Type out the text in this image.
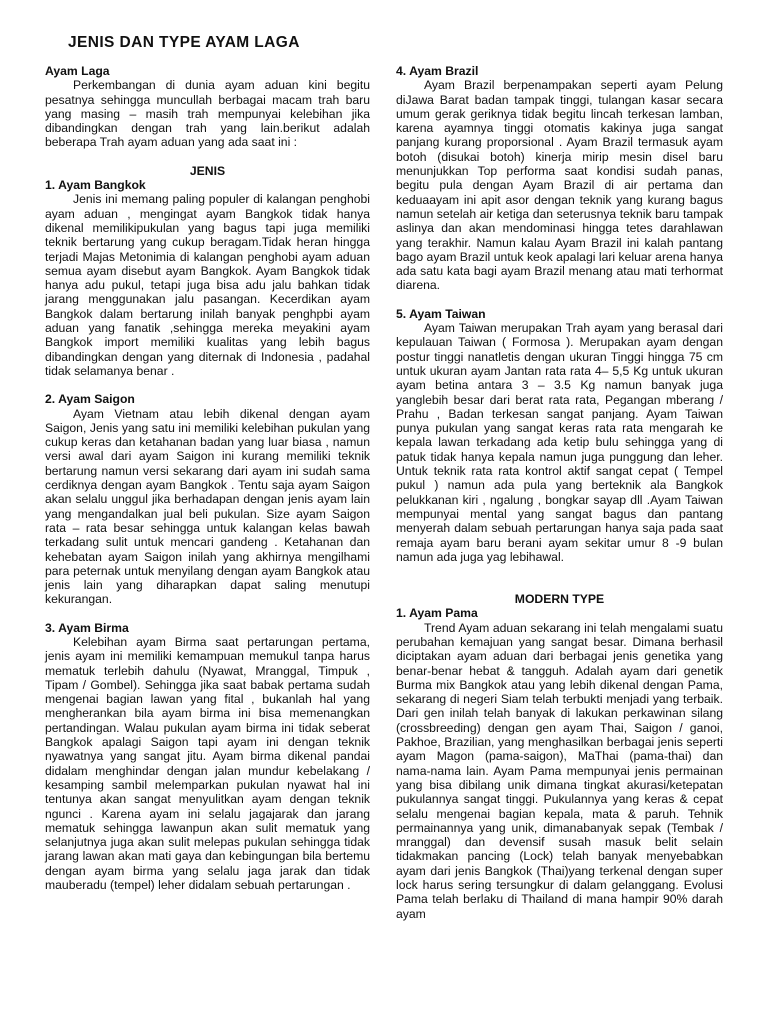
JENIS DAN TYPE AYAM LAGA
Ayam Laga

Perkembangan di dunia ayam aduan kini begitu pesatnya sehingga muncullah berbagai macam trah baru yang masing – masih trah mempunyai kelebihan jika dibandingkan dengan trah yang lain.berikut adalah beberapa Trah ayam aduan yang ada saat ini :

JENIS
1. Ayam Bangkok

Jenis ini memang paling populer di kalangan penghobi ayam aduan , mengingat ayam Bangkok tidak hanya dikenal memilikipukulan yang bagus tapi juga memiliki teknik bertarung yang cukup beragam.Tidak heran hingga terjadi Majas Metonimia di kalangan penghobi ayam aduan semua ayam disebut ayam Bangkok. Ayam Bangkok tidak hanya adu pukul, tetapi juga bisa adu jalu bahkan tidak jarang menggunakan jalu pasangan. Kecerdikan ayam Bangkok dalam bertarung inilah banyak penghpbi ayam aduan yang fanatik ,sehingga mereka meyakini ayam Bangkok import memiliki kualitas yang lebih bagus dibandingkan dengan yang diternak di Indonesia , padahal tidak selamanya benar .

2. Ayam Saigon

Ayam Vietnam atau lebih dikenal dengan ayam Saigon, Jenis yang satu ini memiliki kelebihan pukulan yang cukup keras dan ketahanan badan yang luar biasa , namun versi awal dari ayam Saigon ini kurang memiliki teknik bertarung namun versi sekarang dari ayam ini sudah sama cerdiknya dengan ayam Bangkok . Tentu saja ayam Saigon akan selalu unggul jika berhadapan dengan jenis ayam lain yang mengandalkan jual beli pukulan. Size ayam Saigon rata – rata besar sehingga untuk kalangan kelas bawah terkadang sulit untuk mencari gandeng . Ketahanan dan kehebatan ayam Saigon inilah yang akhirnya mengilhami para peternak untuk menyilang dengan ayam Bangkok atau jenis lain yang diharapkan dapat saling menutupi kekurangan.

3. Ayam Birma

Kelebihan ayam Birma saat pertarungan pertama, jenis ayam ini memiliki kemampuan memukul tanpa harus mematuk terlebih dahulu (Nyawat, Mranggal, Timpuk , Tipam / Gombel). Sehingga jika saat babak pertama sudah mengenai bagian lawan yang fital , bukanlah hal yang mengherankan bila ayam birma ini bisa memenangkan pertandingan. Walau pukulan ayam birma ini tidak seberat Bangkok apalagi Saigon tapi ayam ini dengan teknik nyawatnya yang sangat jitu. Ayam birma dikenal pandai didalam menghindar dengan jalan mundur kebelakang / kesamping sambil melemparkan pukulan nyawat hal ini tentunya akan sangat menyulitkan ayam dengan teknik ngunci . Karena ayam ini selalu jagajarak dan jarang mematuk sehingga lawanpun akan sulit mematuk yang selanjutnya juga akan sulit melepas pukulan sehingga tidak jarang lawan akan mati gaya dan kebingungan bila bertemu dengan ayam birma yang selalu jaga jarak dan tidak mauberadu (tempel) leher didalam sebuah pertarungan .

4. Ayam Brazil

Ayam Brazil berpenampakan seperti ayam Pelung diJawa Barat badan tampak tinggi, tulangan kasar secara umum gerak geriknya tidak begitu lincah terkesan lamban, karena ayamnya tinggi otomatis kakinya juga sangat panjang kurang proporsional . Ayam Brazil termasuk ayam botoh (disukai botoh) kinerja mirip mesin disel baru menunjukkan Top performa saat kondisi sudah panas, begitu pula dengan Ayam Brazil di air pertama dan keduaayam ini apit asor dengan teknik yang kurang bagus namun setelah air ketiga dan seterusnya teknik baru tampak aslinya dan akan mendominasi hingga tetes darahlawan yang terakhir. Namun kalau Ayam Brazil ini kalah pantang bago ayam Brazil untuk keok apalagi lari keluar arena hanya ada satu kata bagi ayam Brazil menang atau mati terhormat diarena.

5. Ayam Taiwan

Ayam Taiwan merupakan Trah ayam yang berasal dari kepulauan Taiwan ( Formosa ). Merupakan ayam dengan postur tinggi nanatletis dengan ukuran Tinggi hingga 75 cm untuk ukuran ayam Jantan rata rata 4– 5,5 Kg untuk ukuran ayam betina antara 3 – 3.5 Kg namun banyak juga yanglebih besar dari berat rata rata, Pegangan mberang / Prahu , Badan terkesan sangat panjang. Ayam Taiwan punya pukulan yang sangat keras rata rata mengarah ke kepala lawan terkadang ada ketip bulu sehingga yang di patuk tidak hanya kepala namun juga punggung dan leher. Untuk teknik rata rata kontrol aktif sangat cepat ( Tempel pukul ) namun ada pula yang berteknik ala Bangkok pelukkanan kiri , ngalung , bongkar sayap dll .Ayam Taiwan mempunyai mental yang sangat bagus dan pantang menyerah dalam sebuah pertarungan hanya saja pada saat remaja ayam baru berani ayam sekitar umur 8 -9 bulan namun ada juga yag lebihawal.

MODERN TYPE
1. Ayam Pama

Trend Ayam aduan sekarang ini telah mengalami suatu perubahan kemajuan yang sangat besar. Dimana berhasil diciptakan ayam aduan dari berbagai jenis genetika yang benar-benar hebat & tangguh. Adalah ayam dari genetik Burma mix Bangkok atau yang lebih dikenal dengan Pama, sekarang di negeri Siam telah terbukti menjadi yang terbaik. Dari gen inilah telah banyak di lakukan perkawinan silang (crossbreeding) dengan gen ayam Thai, Saigon / ganoi, Pakhoe, Brazilian, yang menghasilkan berbagai jenis seperti ayam Magon (pama-saigon), MaThai (pama-thai) dan nama-nama lain. Ayam Pama mempunyai jenis permainan yang bisa dibilang unik dimana tingkat akurasi/ketepatan pukulannya sangat tinggi. Pukulannya yang keras & cepat selalu mengenai bagian kepala, mata & paruh. Tehnik permainannya yang unik, dimanabanyak sepak (Tembak / mranggal) dan devensif susah masuk belit selain tidakmakan pancing (Lock) telah banyak menyebabkan ayam dari jenis Bangkok (Thai)yang terkenal dengan super lock harus sering tersungkur di dalam gelanggang. Evolusi Pama telah berlaku di Thailand di mana hampir 90% darah ayam
